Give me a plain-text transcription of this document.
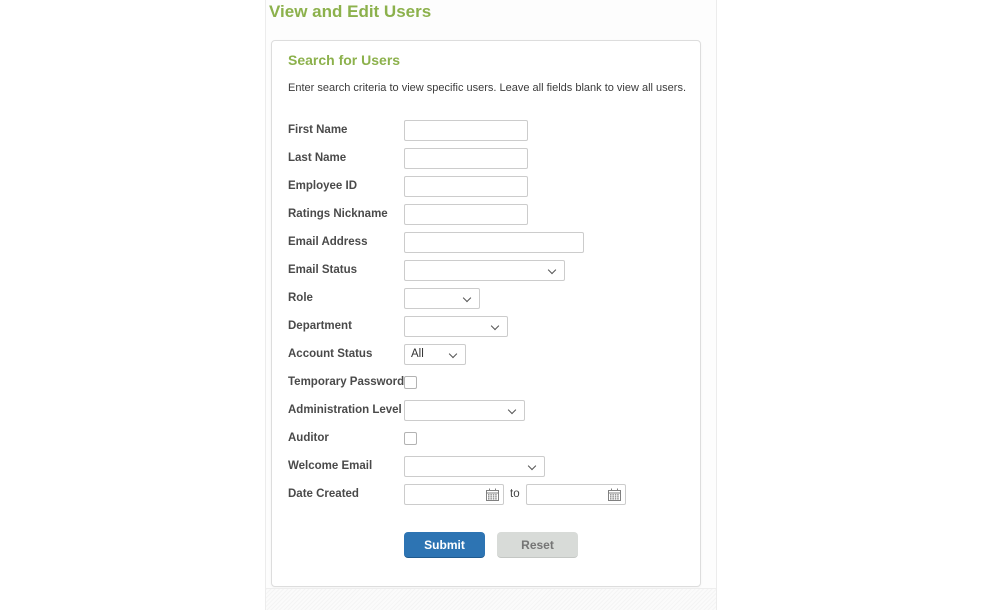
View and Edit Users
Search for Users
Enter search criteria to view specific users. Leave all fields blank to view all users.
First Name
Last Name
Employee ID
Ratings Nickname
Email Address
Email Status
Role
Department
Account Status	All
Temporary Password
Administration Level
Auditor
Welcome Email
Date Created	to
Submit	Reset
